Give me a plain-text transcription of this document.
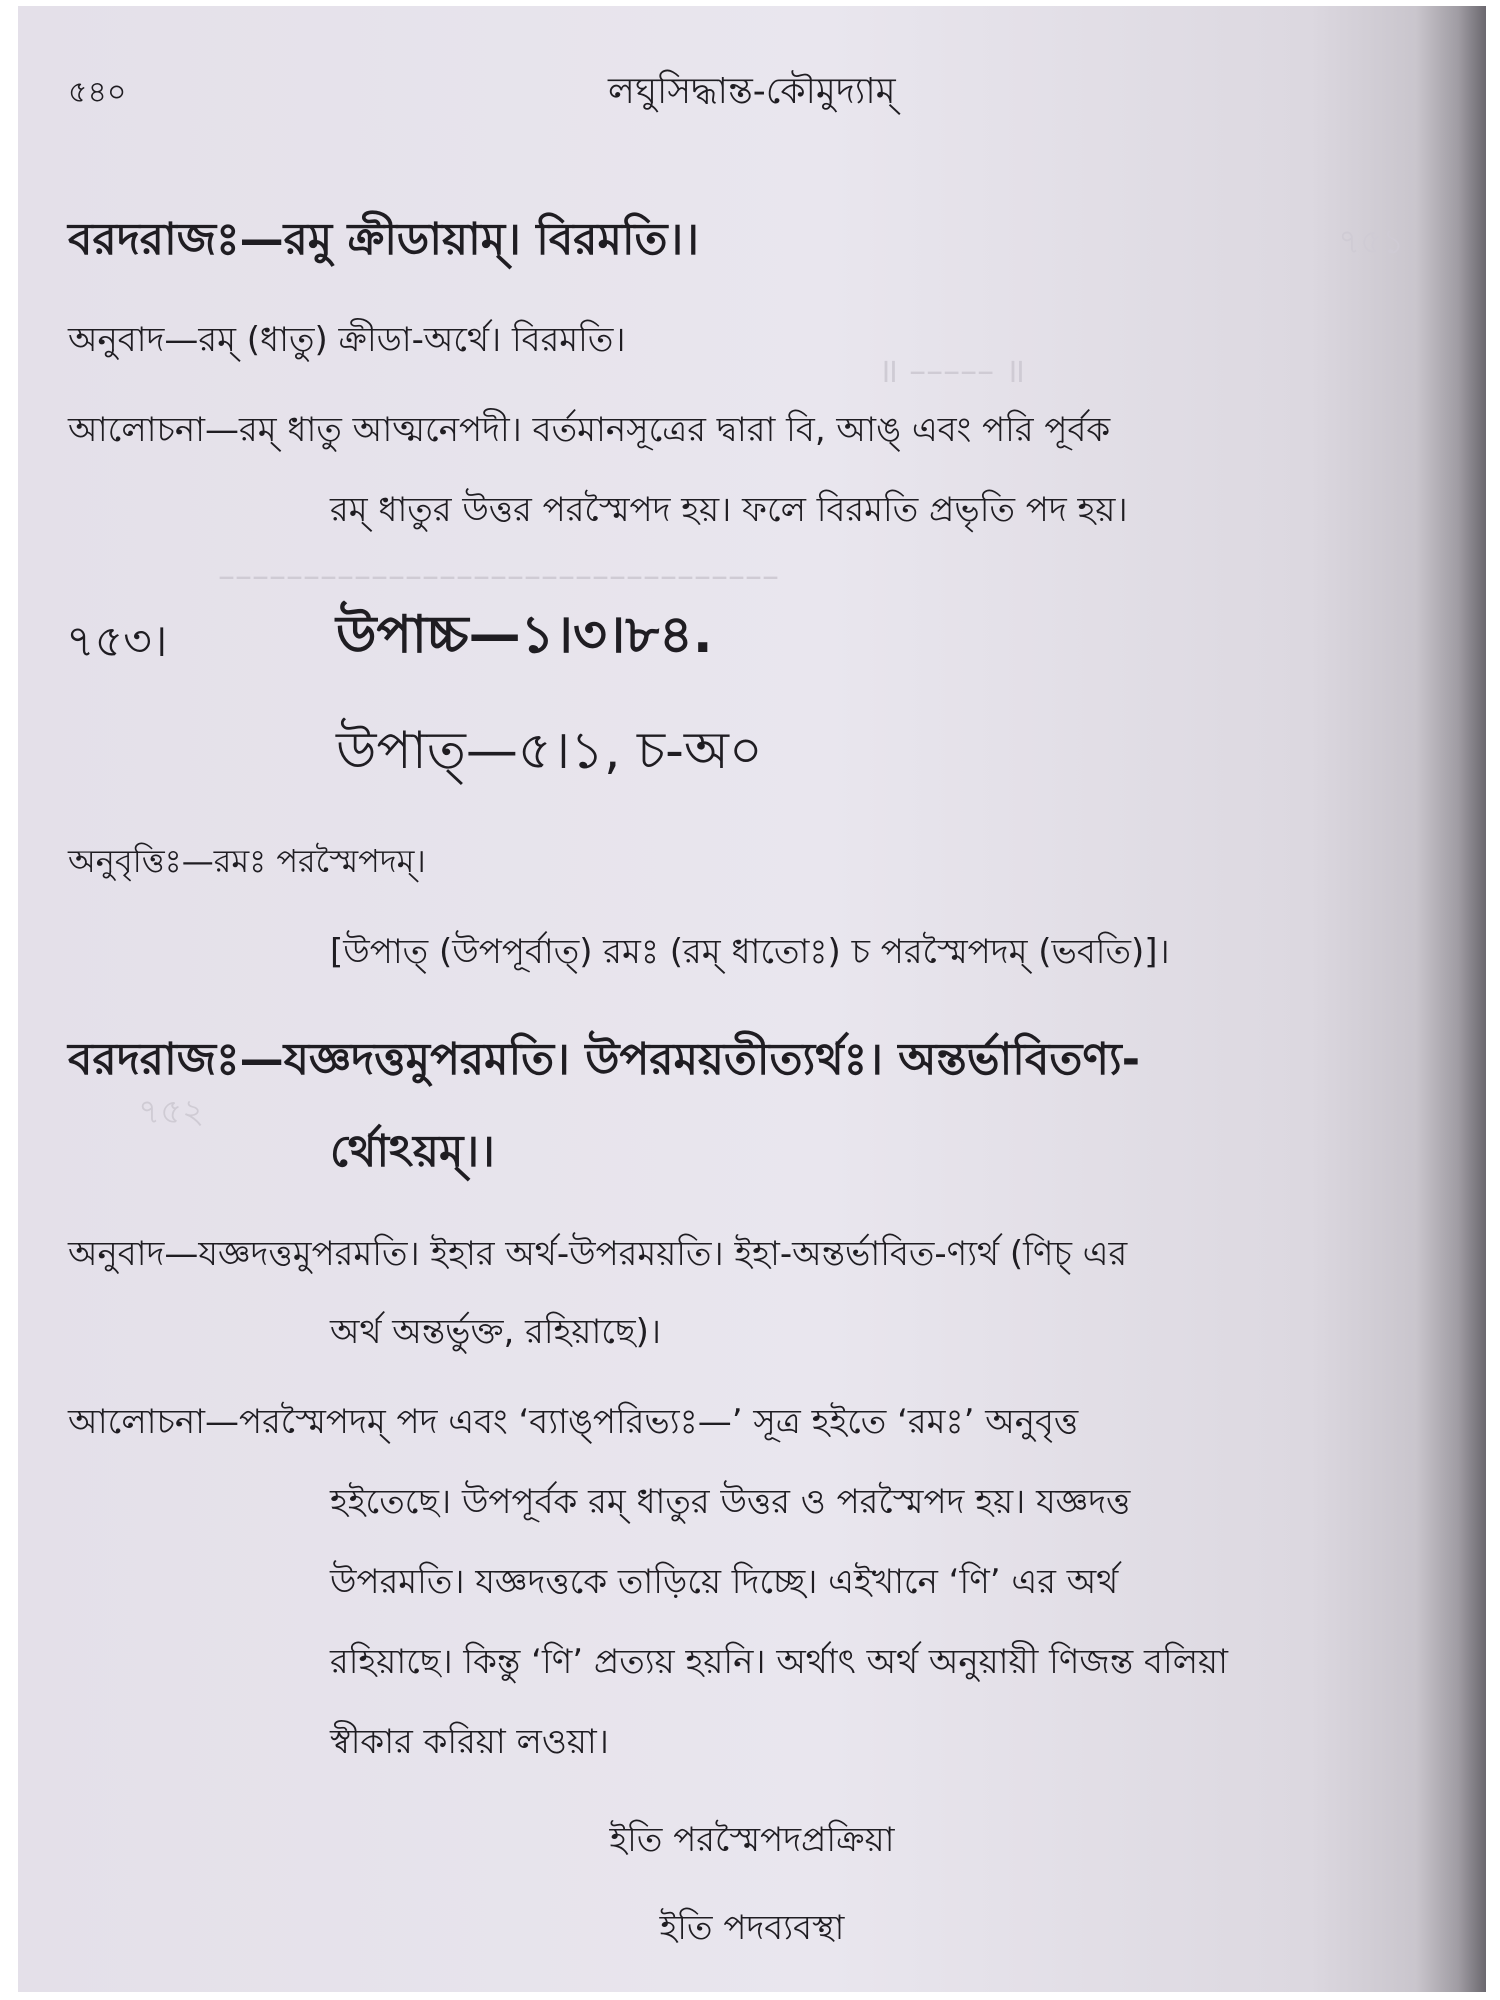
৭৫১
॥ ––––– ॥
–––––––––––––––––––––––––––––––––
৭৫২
৫৪০	লঘুসিদ্ধান্ত-কৌমুদ্যাম্
বরদরাজঃ—রমু ক্রীডায়াম্। বিরমতি।।
অনুবাদ—রম্ (ধাতু) ক্রীডা-অর্থে। বিরমতি।
আলোচনা—রম্ ধাতু আত্মনেপদী। বর্তমানসূত্রের দ্বারা বি, আঙ্ এবং পরি পূর্বক
রম্ ধাতুর উত্তর পরস্মৈপদ হয়। ফলে বিরমতি প্রভৃতি পদ হয়।
৭৫৩।	উপাচ্চ—১।৩।৮৪.
উপাত্—৫।১, চ-অ০
অনুবৃত্তিঃ—রমঃ পরস্মৈপদম্।
[উপাত্ (উপপূর্বাত্) রমঃ (রম্ ধাতোঃ) চ পরস্মৈপদম্ (ভবতি)]।
বরদরাজঃ—যজ্ঞদত্তমুপরমতি। উপরময়তীত্যর্থঃ। অন্তর্ভাবিতণ্য-
র্থোঽয়ম্।।
অনুবাদ—যজ্ঞদত্তমুপরমতি। ইহার অর্থ-উপরময়তি। ইহা-অন্তর্ভাবিত-ণ্যর্থ (ণিচ্ এর
অর্থ অন্তর্ভুক্ত, রহিয়াছে)।
আলোচনা—পরস্মৈপদম্ পদ এবং ‘ব্যাঙ্পরিভ্যঃ—’ সূত্র হইতে ‘রমঃ’ অনুবৃত্ত
হইতেছে। উপপূর্বক রম্ ধাতুর উত্তর ও পরস্মৈপদ হয়। যজ্ঞদত্ত
উপরমতি। যজ্ঞদত্তকে তাড়িয়ে দিচ্ছে। এইখানে ‘ণি’ এর অর্থ
রহিয়াছে। কিন্তু ‘ণি’ প্রত্যয় হয়নি। অর্থাৎ অর্থ অনুয়ায়ী ণিজন্ত বলিয়া
স্বীকার করিয়া লওয়া।
ইতি পরস্মৈপদপ্রক্রিয়া
ইতি পদব্যবস্থা
